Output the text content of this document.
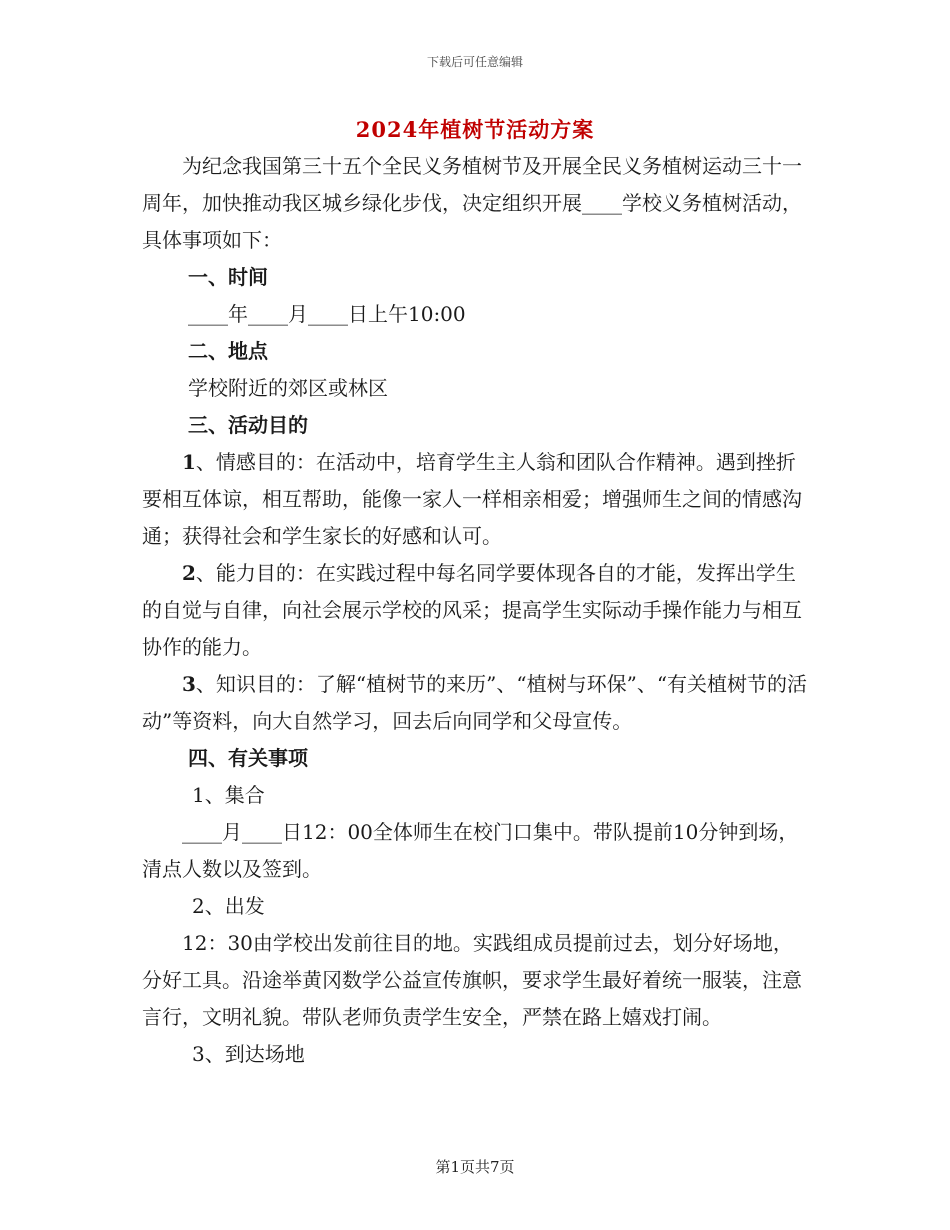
下载后可任意编辑
2024年植树节活动方案

为纪念我国第三十五个全民义务植树节及开展全民义务植树运动三十一周年，加快推动我区城乡绿化步伐，决定组织开展____学校义务植树活动，具体事项如下：

一、时间

____年____月____日上午10:00

二、地点

学校附近的郊区或林区

三、活动目的

1、情感目的：在活动中，培育学生主人翁和团队合作精神。遇到挫折要相互体谅，相互帮助，能像一家人一样相亲相爱；增强师生之间的情感沟通；获得社会和学生家长的好感和认可。

2、能力目的：在实践过程中每名同学要体现各自的才能，发挥出学生的自觉与自律，向社会展示学校的风采；提高学生实际动手操作能力与相互协作的能力。

3、知识目的：了解“植树节的来历”、“植树与环保”、“有关植树节的活动”等资料，向大自然学习，回去后向同学和父母宣传。

四、有关事项

1、集合

____月____日12：00全体师生在校门口集中。带队提前10分钟到场，清点人数以及签到。

2、出发

12：30由学校出发前往目的地。实践组成员提前过去，划分好场地，分好工具。沿途举黄冈数学公益宣传旗帜，要求学生最好着统一服装，注意言行，文明礼貌。带队老师负责学生安全，严禁在路上嬉戏打闹。

3、到达场地

第1页共7页
